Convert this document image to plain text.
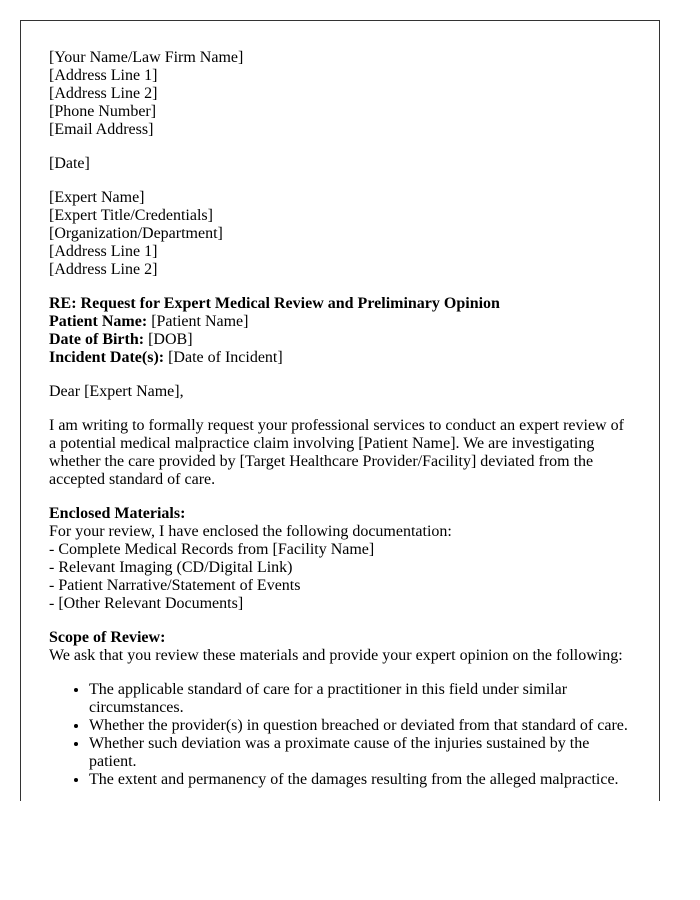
[Your Name/Law Firm Name]
[Address Line 1]
[Address Line 2]
[Phone Number]
[Email Address]

[Date]

[Expert Name]
[Expert Title/Credentials]
[Organization/Department]
[Address Line 1]
[Address Line 2]

RE: Request for Expert Medical Review and Preliminary Opinion
Patient Name: [Patient Name]
Date of Birth: [DOB]
Incident Date(s): [Date of Incident]

Dear [Expert Name],

I am writing to formally request your professional services to conduct an expert review of a potential medical malpractice claim involving [Patient Name]. We are investigating whether the care provided by [Target Healthcare Provider/Facility] deviated from the accepted standard of care.

Enclosed Materials:
For your review, I have enclosed the following documentation:
- Complete Medical Records from [Facility Name]
- Relevant Imaging (CD/Digital Link)
- Patient Narrative/Statement of Events
- [Other Relevant Documents]

Scope of Review:
We ask that you review these materials and provide your expert opinion on the following:

• The applicable standard of care for a practitioner in this field under similar circumstances.
• Whether the provider(s) in question breached or deviated from that standard of care.
• Whether such deviation was a proximate cause of the injuries sustained by the patient.
• The extent and permanency of the damages resulting from the alleged malpractice.
